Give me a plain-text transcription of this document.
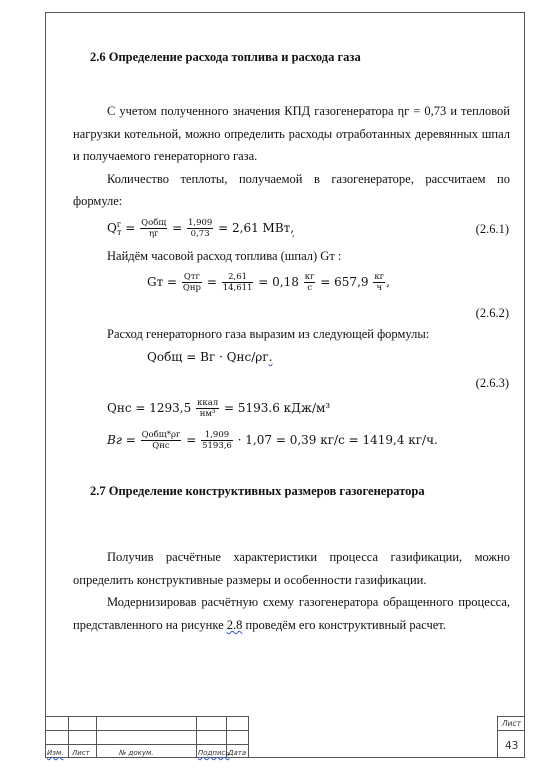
2.6 Определение расхода топлива и расхода газа

С учетом полученного значения КПД газогенератора ηг = 0,73 и тепловой нагрузки котельной, можно определить расходы отработанных деревянных шпал и получаемого генераторного газа.

Количество теплоты, получаемой в газогенераторе, рассчитаем по формуле:

$Q^г_т = \frac{\text{Qобщ}}{\eta г} = \frac{1,909}{0,73} = 2,61$ МВт,	(2.6.1)
Найдём часовой расход топлива (шпал) Gт :
Gт = $\frac{\text{Qтг}}{\text{Qнр}} = \frac{2,61}{14,611} = 0,18 \frac{кг}{с} = 657,9 \frac{кг}{ч}$ ,
(2.6.2)
Расход генераторного газа выразим из следующей формулы:
Qобщ = Bг · Qнс/ρг.
(2.6.3)
Qнс = $1293,5 \frac{\text{ккал}}{\text{нм³}} = 5193.6$ кДж/м³
Bг = $\frac{\text{Qобщ*ρг}}{\text{Qнс}} = \frac{1,909}{5193,6} \cdot 1,07 = 0,39$ кг/с = 1419,4 кг/ч.
2.7 Определение конструктивных размеров газогенератора

Получив расчётные характеристики процесса газификации, можно определить конструктивные размеры и особенности газификации.

Модернизировав расчётную схему газогенератора обращенного процесса, представленного на рисунке 2.8 проведём его конструктивный расчет.

Изм. Лист	№ докум.	Подпись
Дата
Лист
43
